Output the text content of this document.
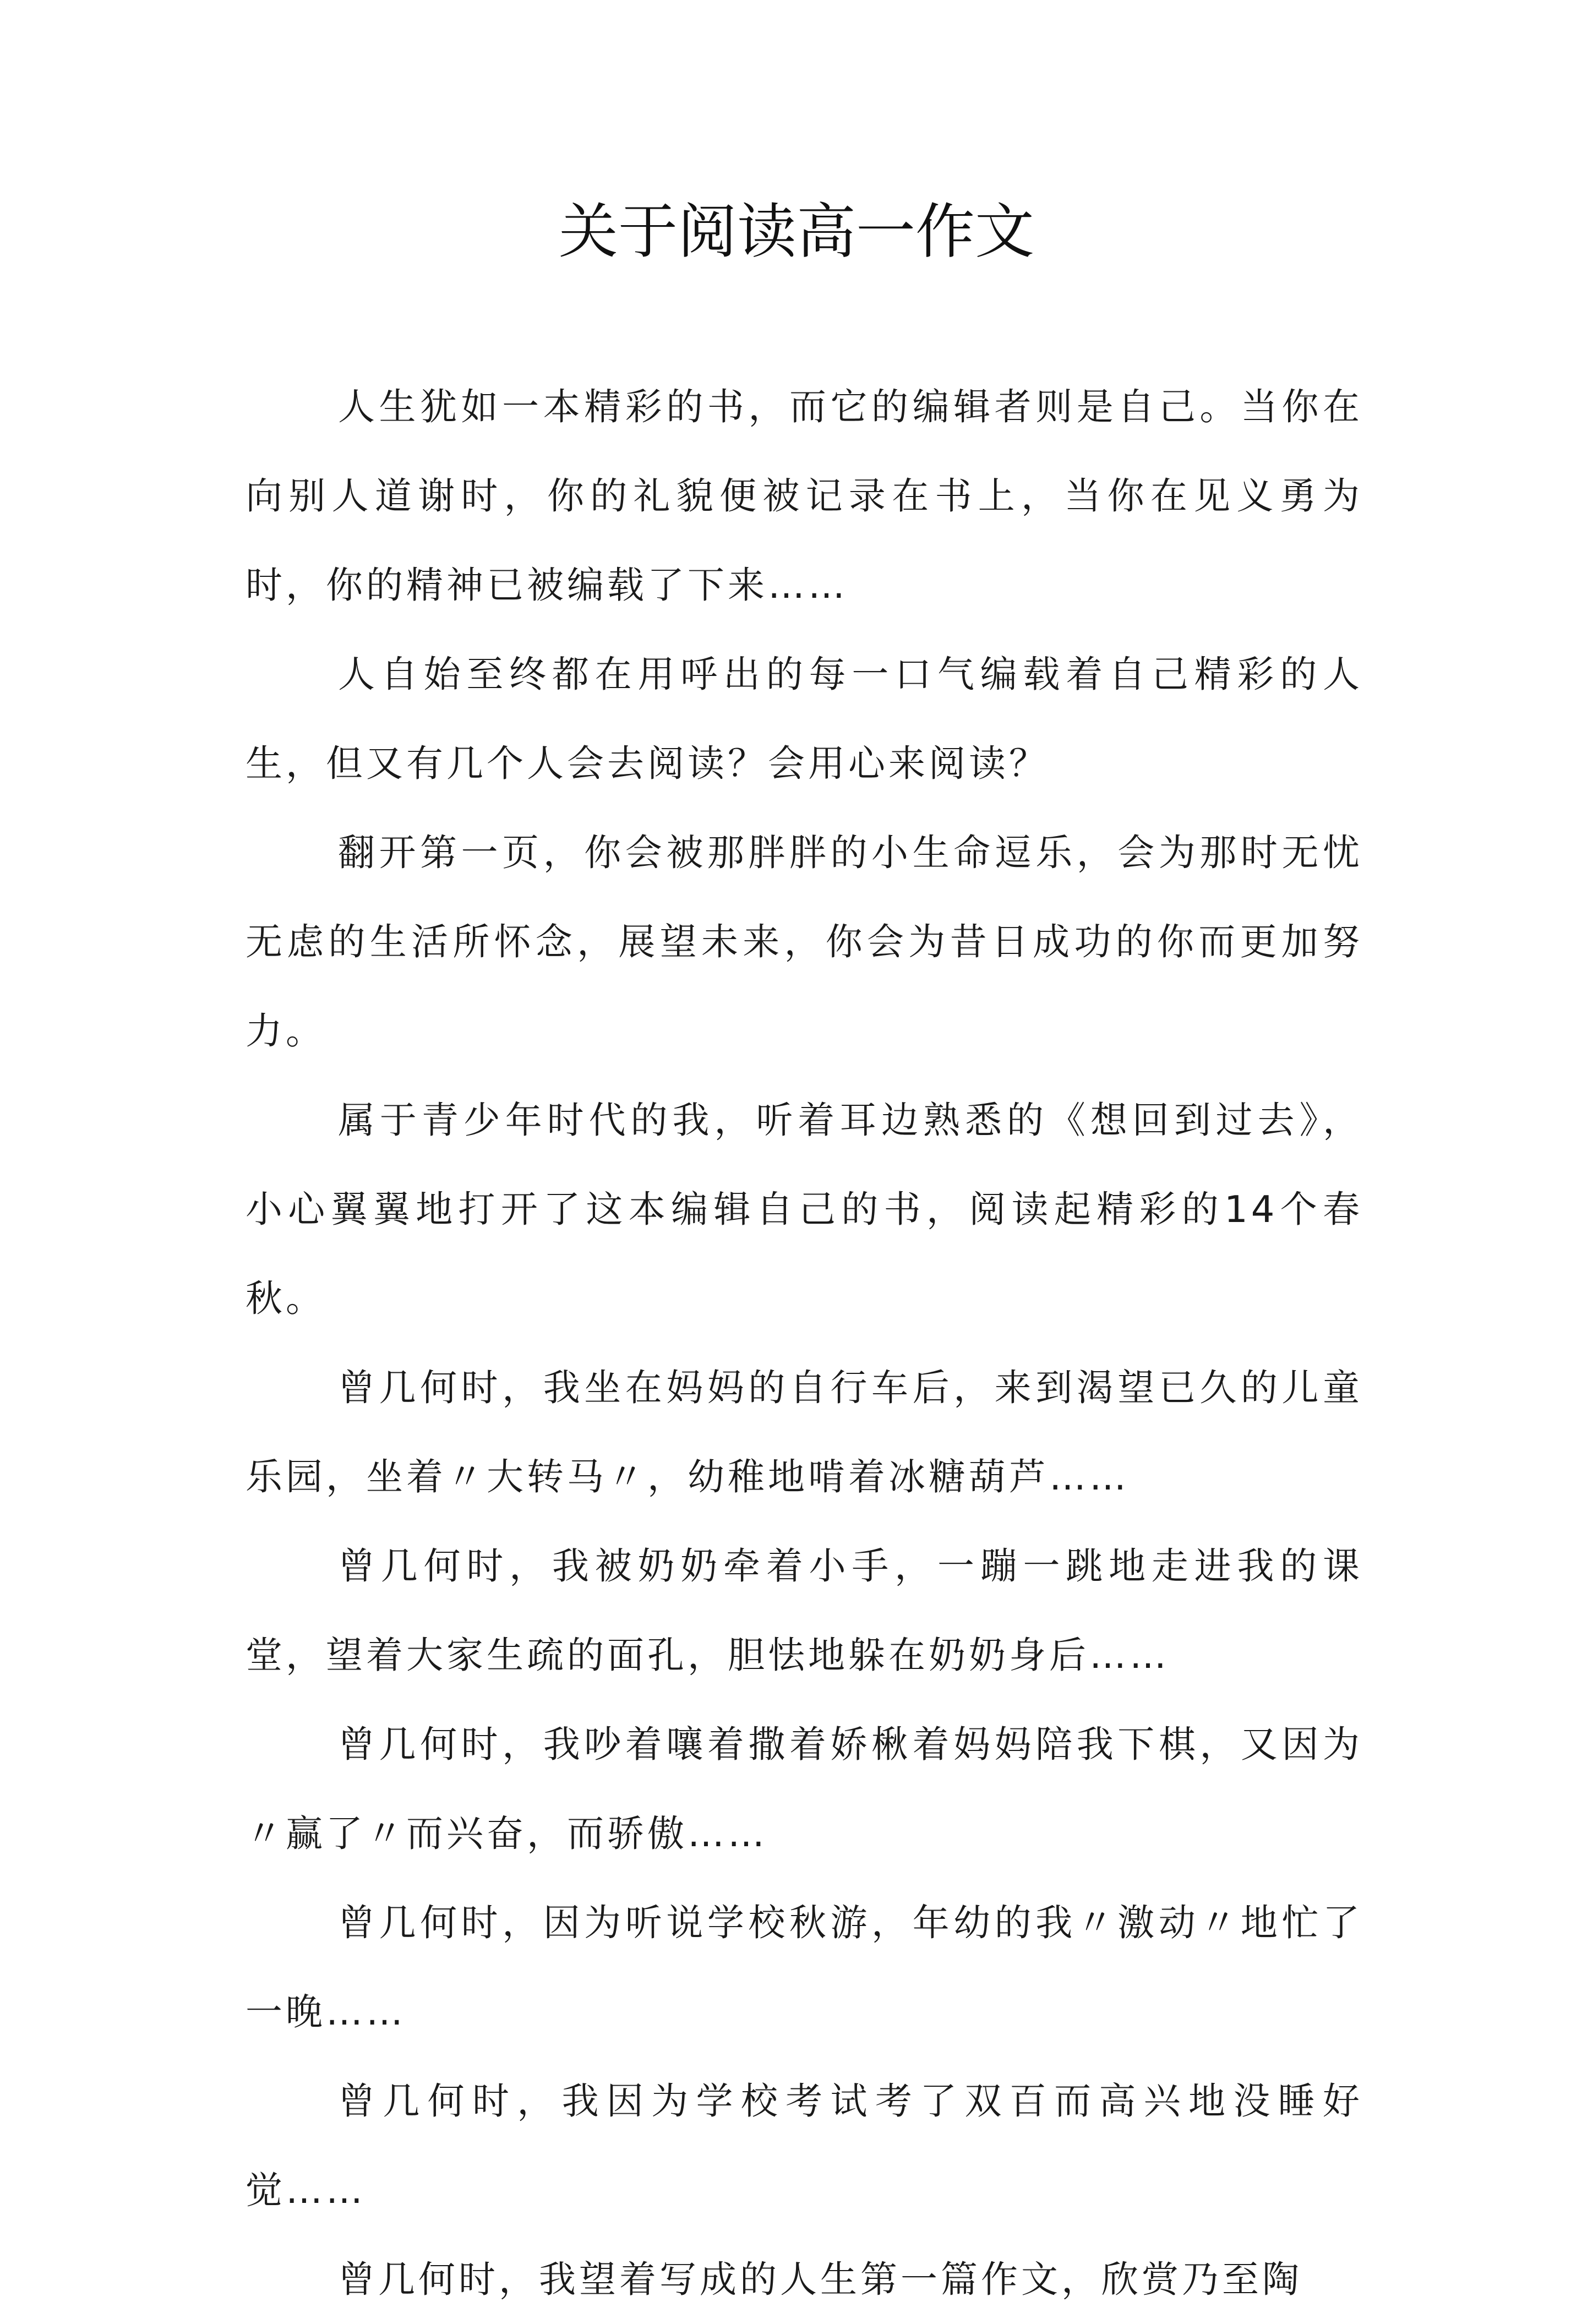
关于阅读高一作文

人生犹如一本精彩的书，而它的编辑者则是自己。当你在向别人道谢时，你的礼貌便被记录在书上，当你在见义勇为时，你的精神已被编载了下来……

人自始至终都在用呼出的每一口气编载着自己精彩的人生，但又有几个人会去阅读？会用心来阅读？

翻开第一页，你会被那胖胖的小生命逗乐，会为那时无忧无虑的生活所怀念，展望未来，你会为昔日成功的你而更加努力。

属于青少年时代的我，听着耳边熟悉的《想回到过去》，小心翼翼地打开了这本编辑自己的书，阅读起精彩的14个春秋。

曾几何时，我坐在妈妈的自行车后，来到渴望已久的儿童乐园，坐着〃大转马〃，幼稚地啃着冰糖葫芦……

曾几何时，我被奶奶牵着小手，一蹦一跳地走进我的课堂，望着大家生疏的面孔，胆怯地躲在奶奶身后……

曾几何时，我吵着嚷着撒着娇楸着妈妈陪我下棋，又因为〃赢了〃而兴奋，而骄傲……

曾几何时，因为听说学校秋游，年幼的我〃激动〃地忙了一晚……

曾几何时，我因为学校考试考了双百而高兴地没睡好觉……

曾几何时，我望着写成的人生第一篇作文，欣赏乃至陶
